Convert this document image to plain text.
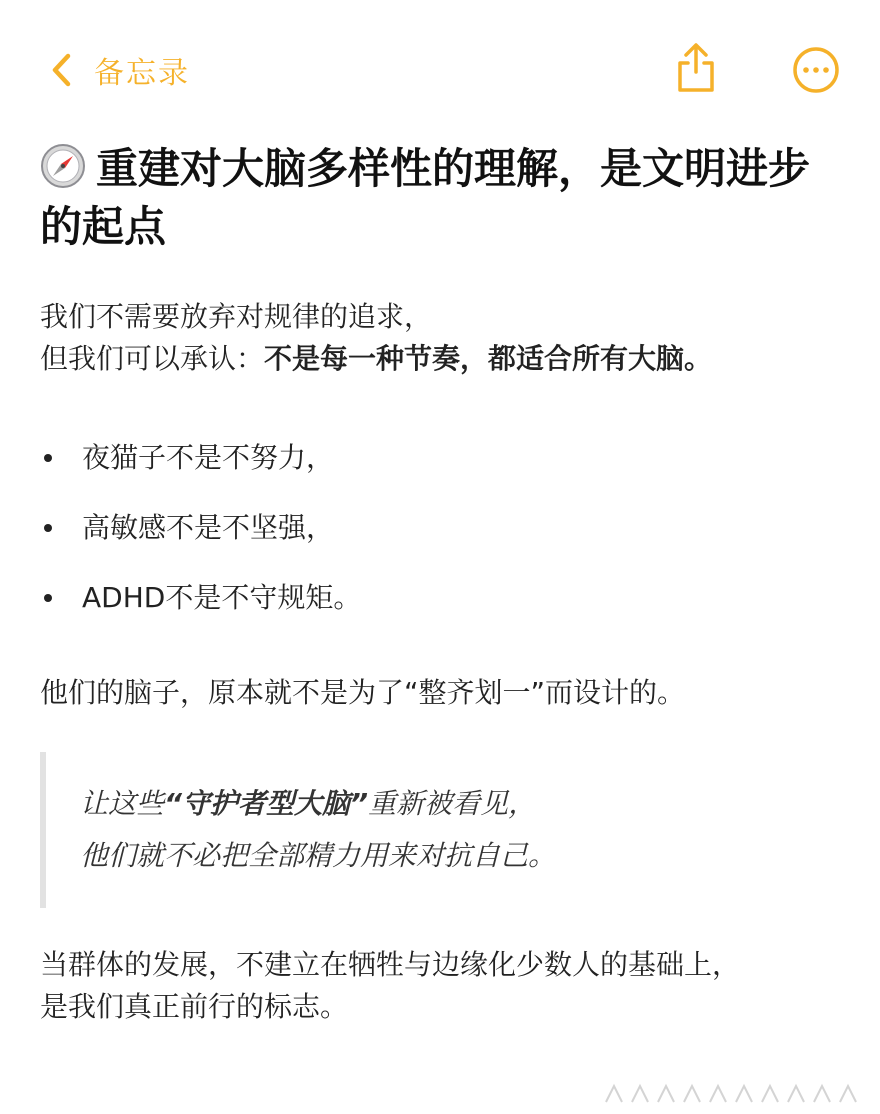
备忘录
重建对大脑多样性的理解，是文明进步的起点
我们不需要放弃对规律的追求，
但我们可以承认：不是每一种节奏，都适合所有大脑。
夜猫子不是不努力，
高敏感不是不坚强，
ADHD不是不守规矩。

他们的脑子，原本就不是为了“整齐划一”而设计的。

让这些“守护者型大脑”重新被看见，

他们就不必把全部精力用来对抗自己。

当群体的发展，不建立在牺牲与边缘化少数人的基础上，
是我们真正前行的标志。
